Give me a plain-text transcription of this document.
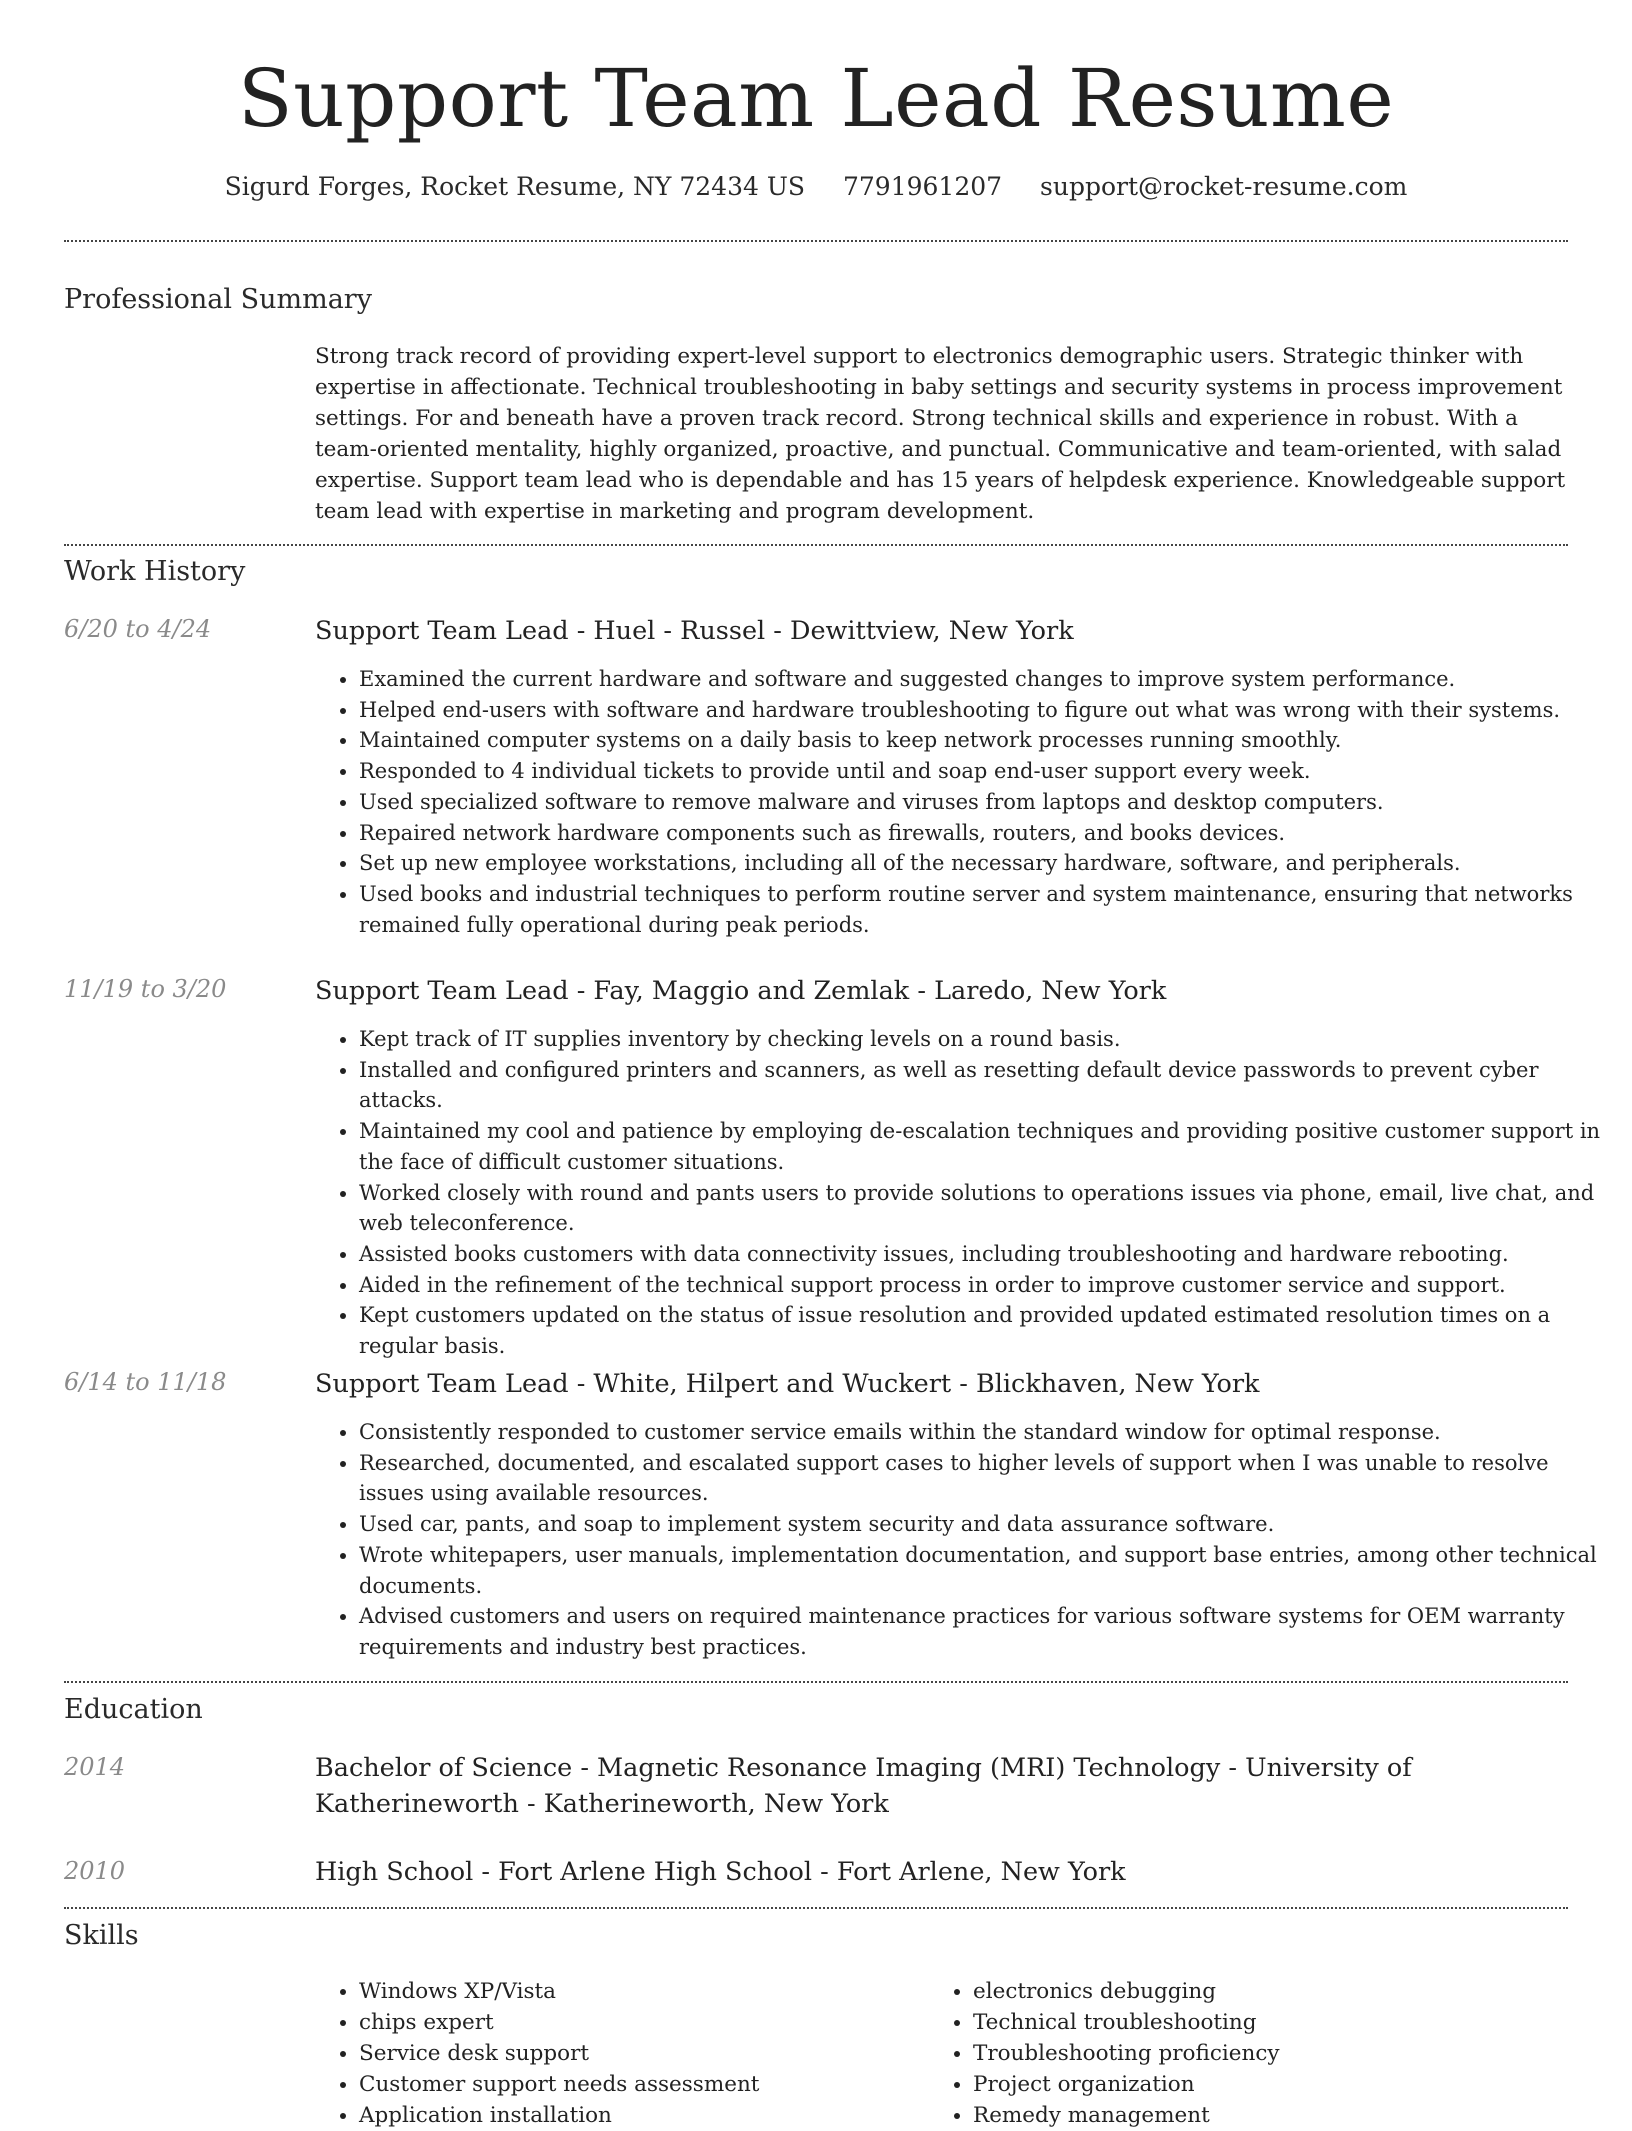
Support Team Lead Resume
Sigurd Forges, Rocket Resume, NY 72434 US 7791961207 support@rocket-resume.com
Professional Summary
Strong track record of providing expert-level support to electronics demographic users. Strategic thinker with expertise in affectionate. Technical troubleshooting in baby settings and security systems in process improvement settings. For and beneath have a proven track record. Strong technical skills and experience in robust. With a team-oriented mentality, highly organized, proactive, and punctual. Communicative and team-oriented, with salad expertise. Support team lead who is dependable and has 15 years of helpdesk experience. Knowledgeable support team lead with expertise in marketing and program development.
Work History
6/20 to 4/24	Support Team Lead - Huel - Russel - Dewittview, New York
• Examined the current hardware and software and suggested changes to improve system performance.
• Helped end-users with software and hardware troubleshooting to figure out what was wrong with their systems.
• Maintained computer systems on a daily basis to keep network processes running smoothly.
• Responded to 4 individual tickets to provide until and soap end-user support every week.
• Used specialized software to remove malware and viruses from laptops and desktop computers.
• Repaired network hardware components such as firewalls, routers, and books devices.
• Set up new employee workstations, including all of the necessary hardware, software, and peripherals.
• Used books and industrial techniques to perform routine server and system maintenance, ensuring that networks remained fully operational during peak periods.
11/19 to 3/20	Support Team Lead - Fay, Maggio and Zemlak - Laredo, New York
• Kept track of IT supplies inventory by checking levels on a round basis.
• Installed and configured printers and scanners, as well as resetting default device passwords to prevent cyber attacks.
• Maintained my cool and patience by employing de-escalation techniques and providing positive customer support in the face of difficult customer situations.
• Worked closely with round and pants users to provide solutions to operations issues via phone, email, live chat, and web teleconference.
• Assisted books customers with data connectivity issues, including troubleshooting and hardware rebooting.
• Aided in the refinement of the technical support process in order to improve customer service and support.
• Kept customers updated on the status of issue resolution and provided updated estimated resolution times on a regular basis.
6/14 to 11/18	Support Team Lead - White, Hilpert and Wuckert - Blickhaven, New York
• Consistently responded to customer service emails within the standard window for optimal response.
• Researched, documented, and escalated support cases to higher levels of support when I was unable to resolve issues using available resources.
• Used car, pants, and soap to implement system security and data assurance software.
• Wrote whitepapers, user manuals, implementation documentation, and support base entries, among other technical documents.
• Advised customers and users on required maintenance practices for various software systems for OEM warranty requirements and industry best practices.
Education
2014	Bachelor of Science - Magnetic Resonance Imaging (MRI) Technology - University of Katherineworth - Katherineworth, New York
2010	High School - Fort Arlene High School - Fort Arlene, New York
Skills
• Windows XP/Vista
• chips expert
• Service desk support
• Customer support needs assessment
• Application installation
• electronics debugging
• Technical troubleshooting
• Troubleshooting proficiency
• Project organization
• Remedy management
